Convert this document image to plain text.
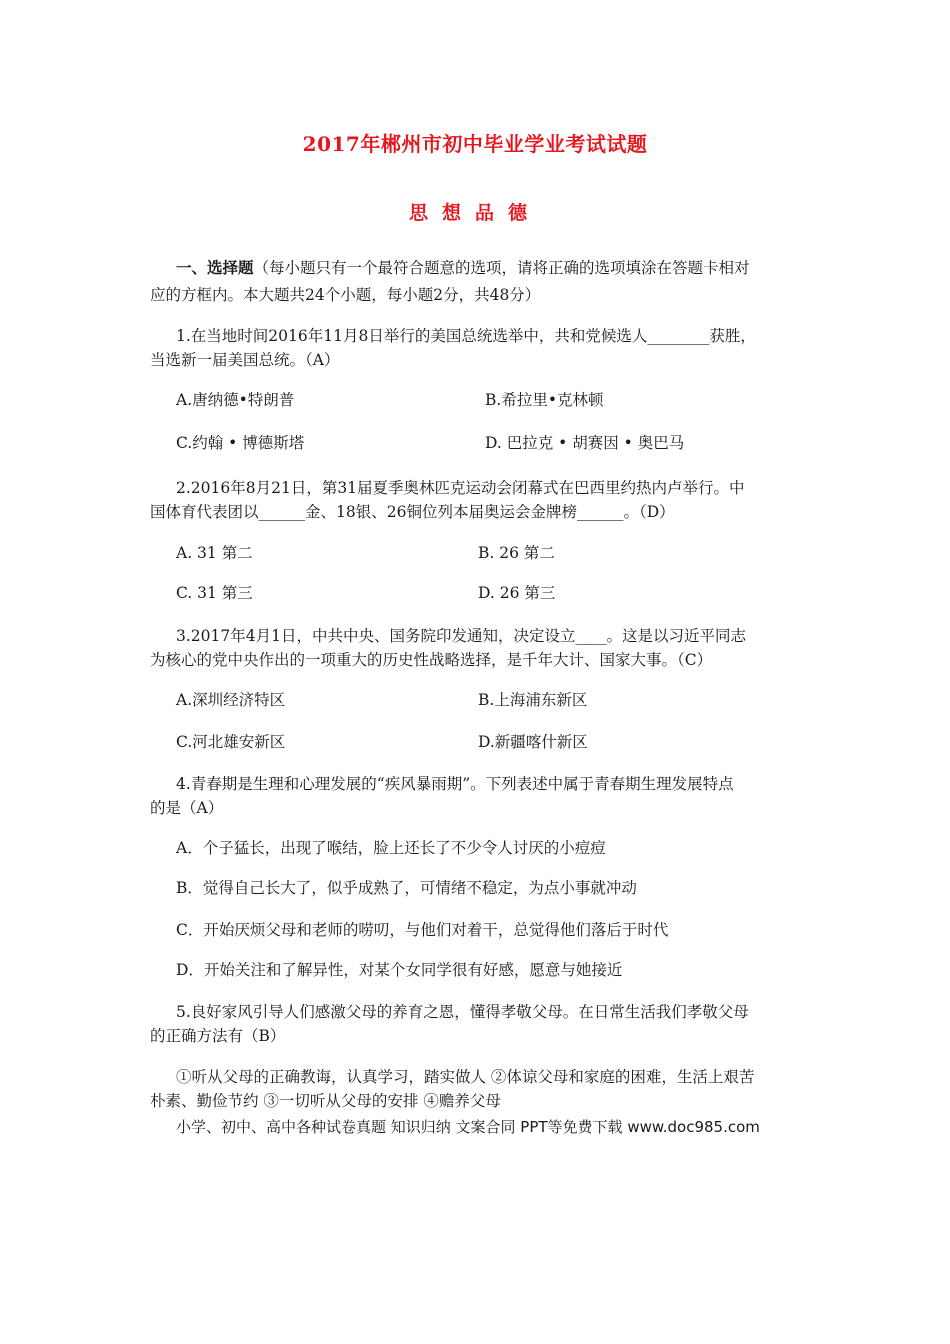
2017年郴州市初中毕业学业考试试题
思想品德
一、选择题（每小题只有一个最符合题意的选项，请将正确的选项填涂在答题卡相对
应的方框内。本大题共24个小题，每小题2分，共48分）
1.在当地时间2016年11月8日举行的美国总统选举中，共和党候选人________获胜，
当选新一届美国总统。（A）
A.唐纳德•特朗普	B.希拉里•克林顿
C.约翰 • 博德斯塔	D. 巴拉克 • 胡赛因 • 奥巴马
2.2016年8月21日，第31届夏季奥林匹克运动会闭幕式在巴西里约热内卢举行。中
国体育代表团以______金、18银、26铜位列本届奥运会金牌榜______。（D）
A. 31 第二	B. 26 第二
C. 31 第三	D. 26 第三
3.2017年4月1日，中共中央、国务院印发通知，决定设立____。这是以习近平同志
为核心的党中央作出的一项重大的历史性战略选择，是千年大计、国家大事。（C）
A.深圳经济特区	B.上海浦东新区
C.河北雄安新区	D.新疆喀什新区
4.青春期是生理和心理发展的“疾风暴雨期”。下列表述中属于青春期生理发展特点
的是（A）
A．个子猛长，出现了喉结，脸上还长了不少令人讨厌的小痘痘
B．觉得自己长大了，似乎成熟了，可情绪不稳定，为点小事就冲动
C．开始厌烦父母和老师的唠叨，与他们对着干，总觉得他们落后于时代
D．开始关注和了解异性，对某个女同学很有好感，愿意与她接近
5.良好家风引导人们感激父母的养育之恩，懂得孝敬父母。在日常生活我们孝敬父母
的正确方法有（B）
①听从父母的正确教诲，认真学习，踏实做人 ②体谅父母和家庭的困难，生活上艰苦
朴素、勤俭节约 ③一切听从父母的安排 ④赡养父母
小学、初中、高中各种试卷真题 知识归纳 文案合同 PPT等免费下载 www.doc985.com
